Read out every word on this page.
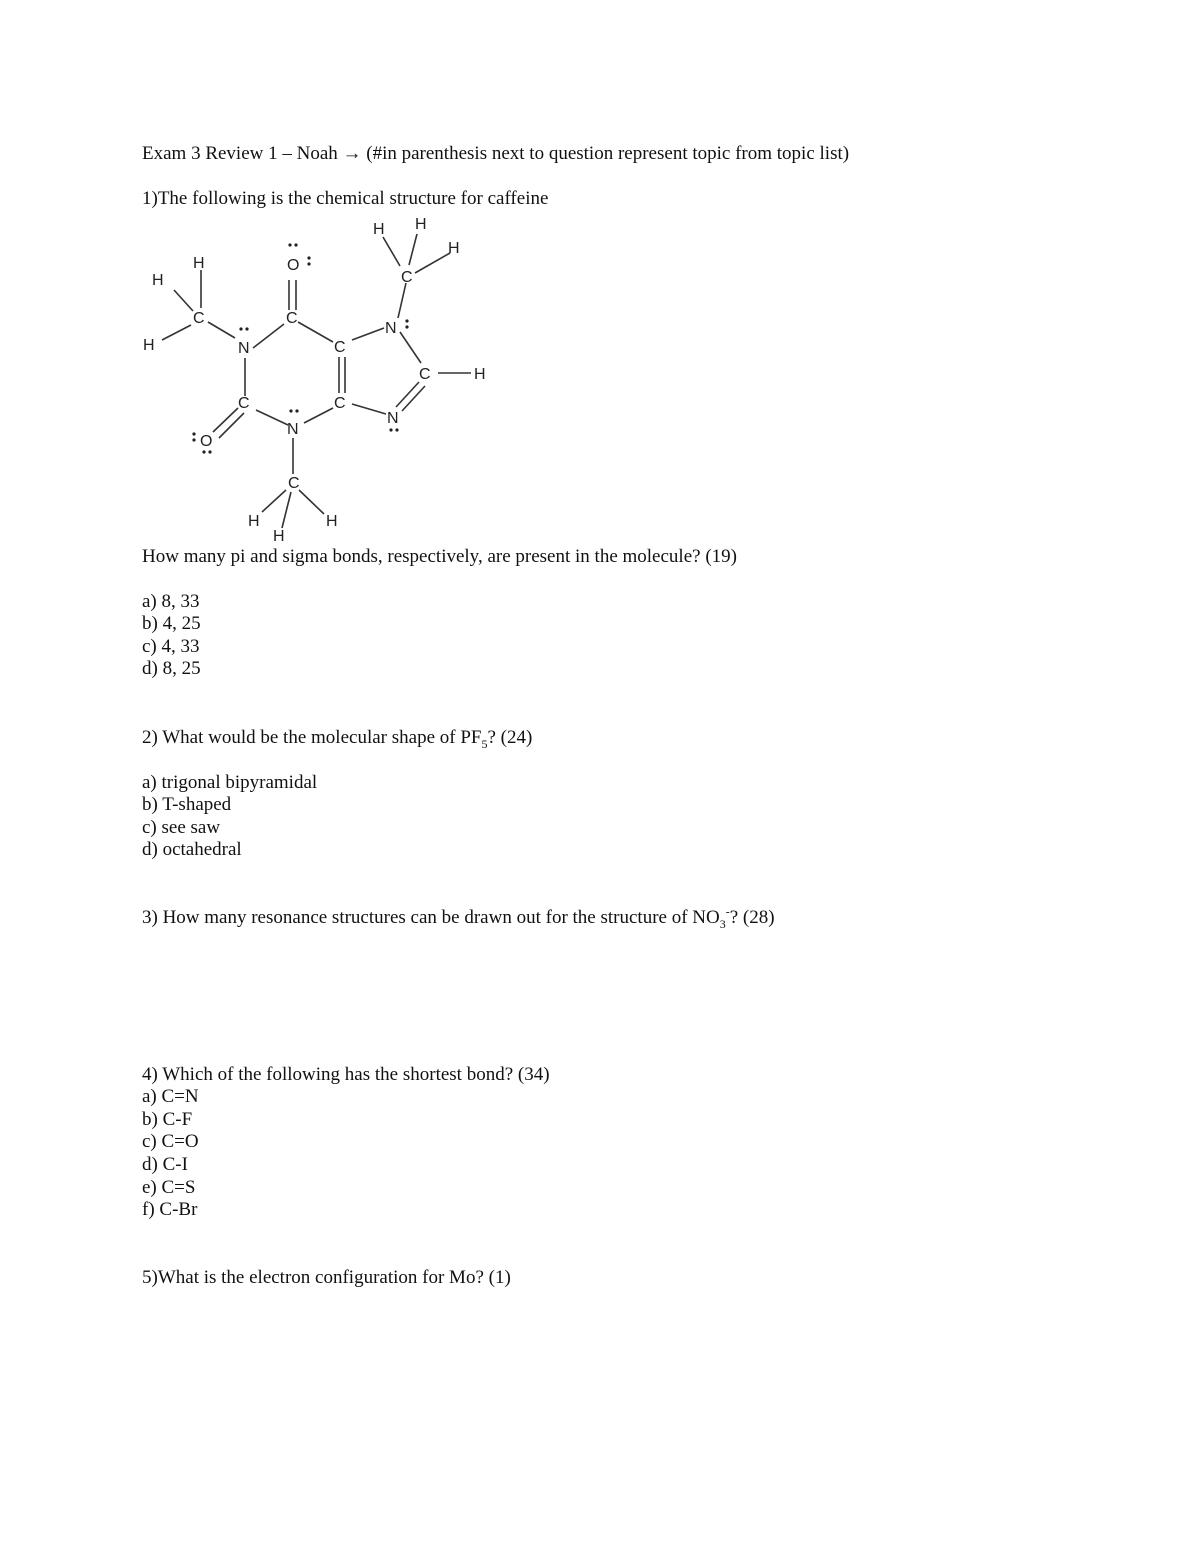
Exam 3 Review 1 – Noah → (#in parenthesis next to question represent topic from topic list)

1)The following is the chemical structure for caffeine

H
H
H
C
N
C
O
C
C
C
O
N
N
C	H
N
C
H H
H
C
H
H
H

How many pi and sigma bonds, respectively, are present in the molecule? (19)

a) 8, 33

b) 4, 25

c) 4, 33

d) 8, 25

2) What would be the molecular shape of $PF_5$? (24)

a) trigonal bipyramidal

b) T-shaped

c) see saw

d) octahedral

3) How many resonance structures can be drawn out for the structure of $NO_3^-$? (28)

4) Which of the following has the shortest bond? (34)

a) C=N

b) C-F

c) C=O

d) C-I

e) C=S

f) C-Br

5)What is the electron configuration for Mo? (1)
